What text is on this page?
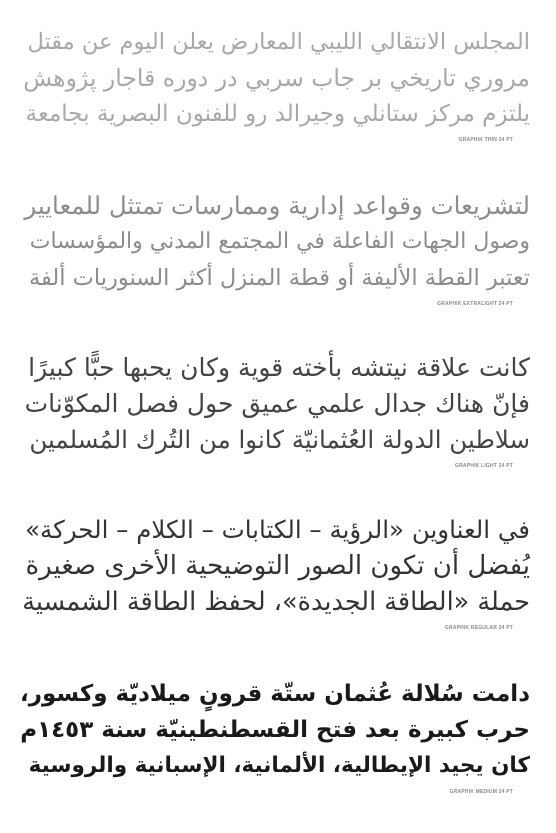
المجلس الانتقالي الليبي المعارض يعلن اليوم عن مقتل

مروري تاريخي بر جاب سربي در دوره قاجار پژوهش

يلتزم مركز ستانلي وجيرالد رو للفنون البصرية بجامعة

GRAPHIK THIN 24 PT

لتشريعات وقواعد إدارية وممارسات تمتثل للمعايير

وصول الجهات الفاعلة في المجتمع المدني والمؤسسات

تعتبر القطة الأليفة أو قطة المنزل أكثر السنوريات ألفة

GRAPHIK EXTRALIGHT 24 PT

كانت علاقة نيتشه بأخته قوية وكان يحبها حبًّا كبيرًا

فإنّ هناك جدال علمي عميق حول فصل المكوّنات

سلاطين الدولة العُثمانيّة كانوا من التُرك المُسلمين

GRAPHIK LIGHT 24 PT

في العناوين «الرؤية – الكتابات – الكلام – الحركة»

يُفضل أن تكون الصور التوضيحية الأخرى صغيرة

حملة «الطاقة الجديدة»، لحفظ الطاقة الشمسية

GRAPHIK REGULAR 24 PT

دامت سُلالة عُثمان ستّة قرونٍ ميلاديّة وكسور،

حرب كبيرة بعد فتح القسطنطينيّة سنة ١٤٥٣م

كان يجيد الإيطالية، الألمانية، الإسبانية والروسية

GRAPHIK MEDIUM 24 PT
